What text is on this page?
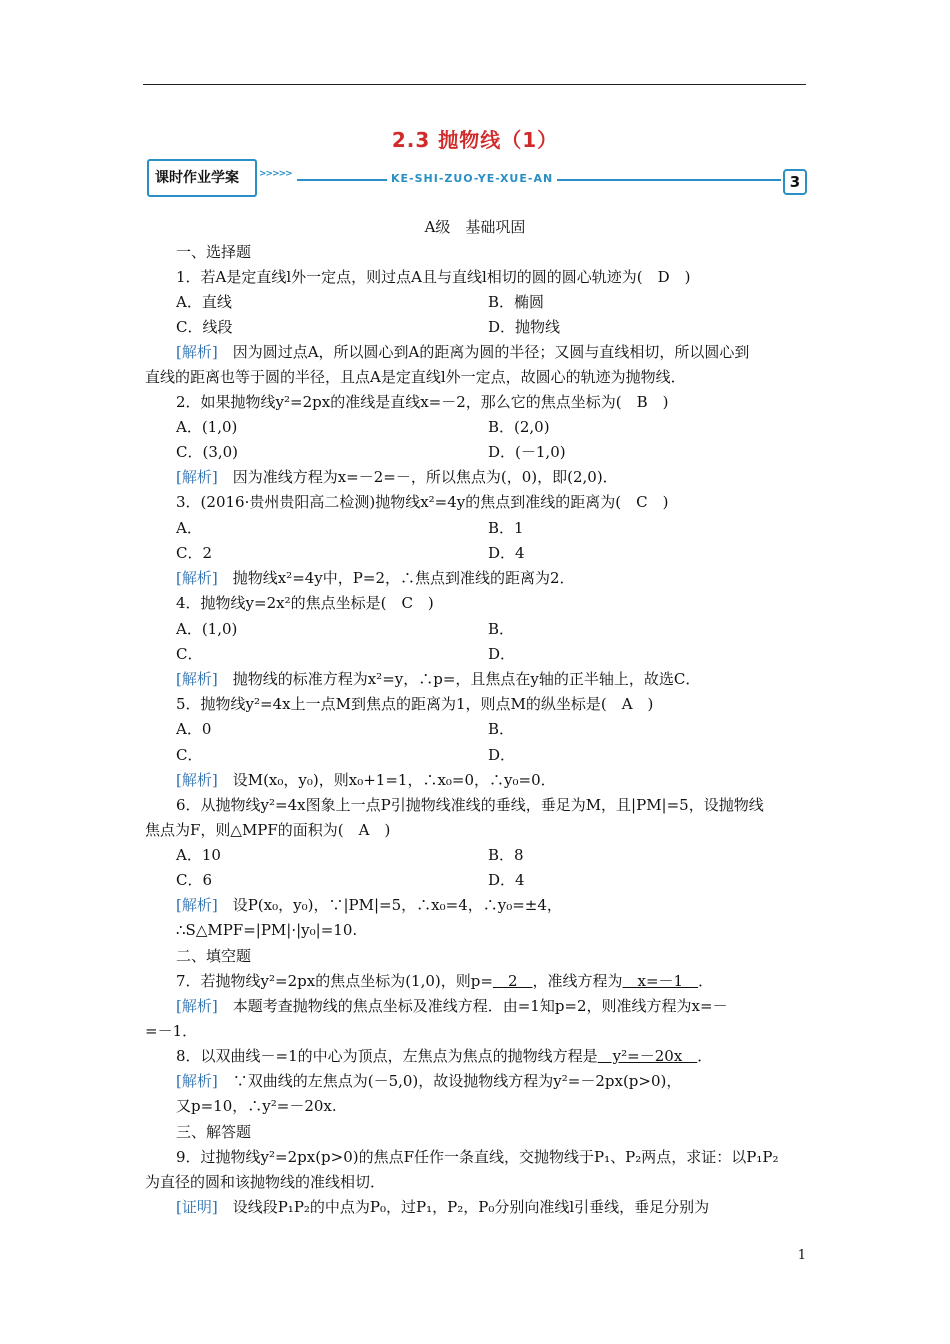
2.3 抛物线（1）
课时作业学案 >>>>>	KE-SHI-ZUO-YE-XUE-AN	3
A级　基础巩固
一、选择题
1．若A是定直线l外一定点，则过点A且与直线l相切的圆的圆心轨迹为(　D　)
A．直线	B．椭圆
C．线段	D．抛物线
[解析]　因为圆过点A，所以圆心到A的距离为圆的半径；又圆与直线相切，所以圆心到
直线的距离也等于圆的半径，且点A是定直线l外一定点，故圆心的轨迹为抛物线．
2．如果抛物线y²=2px的准线是直线x=－2，那么它的焦点坐标为(　B　)
A．(1,0)	B．(2,0)
C．(3,0)	D．(－1,0)
[解析]　因为准线方程为x=－2=－，所以焦点为(，0)，即(2,0)．
3．(2016·贵州贵阳高二检测)抛物线x²=4y的焦点到准线的距离为(　C　)
A．	B．1
C．2	D．4
[解析]　抛物线x²=4y中，P=2，∴焦点到准线的距离为2．
4．抛物线y=2x²的焦点坐标是(　C　)
A．(1,0)	B．
C．	D．
[解析]　抛物线的标准方程为x²=y，∴p=，且焦点在y轴的正半轴上，故选C．
5．抛物线y²=4x上一点M到焦点的距离为1，则点M的纵坐标是(　A　)
A．0	B．
C．	D．
[解析]　设M(x₀，y₀)，则x₀+1=1，∴x₀=0，∴y₀=0．
6．从抛物线y²=4x图象上一点P引抛物线准线的垂线，垂足为M，且|PM|=5，设抛物线
焦点为F，则△MPF的面积为(　A　)
A．10	B．8
C．6	D．4
[解析]　设P(x₀，y₀)，∵|PM|=5，∴x₀=4，∴y₀=±4，
∴S△MPF=|PM|·|y₀|=10.
二、填空题
7．若抛物线y²=2px的焦点坐标为(1,0)，则p=　2　，准线方程为　x=－1　．
[解析]　本题考查抛物线的焦点坐标及准线方程．由=1知p=2，则准线方程为x=－
=－1．
8．以双曲线－=1的中心为顶点，左焦点为焦点的抛物线方程是　y²=－20x　．
[解析]　∵双曲线的左焦点为(－5,0)，故设抛物线方程为y²=－2px(p>0)，
又p=10，∴y²=－20x.
三、解答题
9．过抛物线y²=2px(p>0)的焦点F任作一条直线，交抛物线于P₁、P₂两点，求证：以P₁P₂
为直径的圆和该抛物线的准线相切．
[证明]　设线段P₁P₂的中点为P₀，过P₁，P₂，P₀分别向准线l引垂线，垂足分别为
1
